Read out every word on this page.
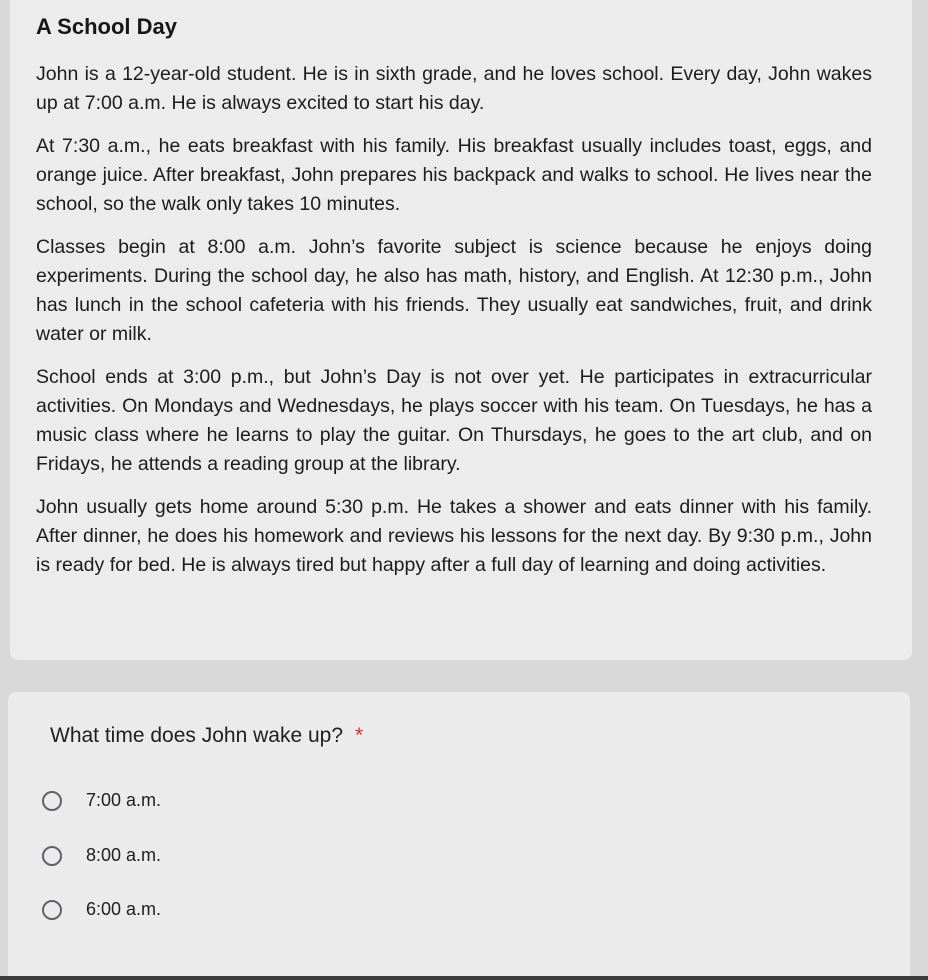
A School Day

John is a 12-year-old student. He is in sixth grade, and he loves school. Every day, John wakes up at 7:00 a.m. He is always excited to start his day.

At 7:30 a.m., he eats breakfast with his family. His breakfast usually includes toast, eggs, and orange juice. After breakfast, John prepares his backpack and walks to school. He lives near the school, so the walk only takes 10 minutes.

Classes begin at 8:00 a.m. John’s favorite subject is science because he enjoys doing experiments. During the school day, he also has math, history, and English. At 12:30 p.m., John has lunch in the school cafeteria with his friends. They usually eat sandwiches, fruit, and drink water or milk.

School ends at 3:00 p.m., but John’s Day is not over yet. He participates in extracurricular activities. On Mondays and Wednesdays, he plays soccer with his team. On Tuesdays, he has a music class where he learns to play the guitar. On Thursdays, he goes to the art club, and on Fridays, he attends a reading group at the library.

John usually gets home around 5:30 p.m. He takes a shower and eats dinner with his family. After dinner, he does his homework and reviews his lessons for the next day. By 9:30 p.m., John is ready for bed. He is always tired but happy after a full day of learning and doing activities.

What time does John wake up? *
7:00 a.m.
8:00 a.m.
6:00 a.m.
